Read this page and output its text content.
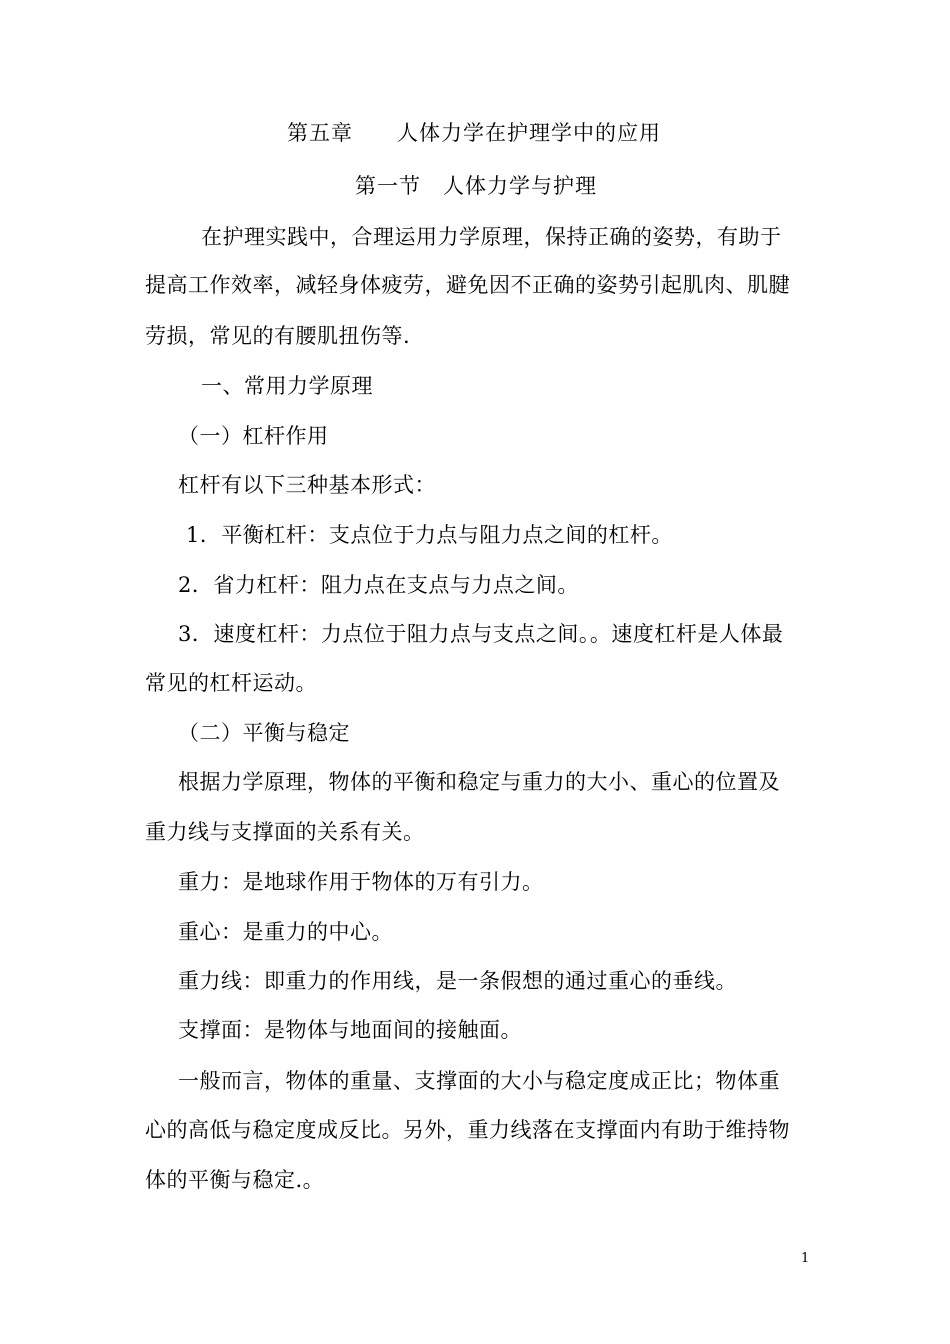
第五章　　人体力学在护理学中的应用
第一节　人体力学与护理
在护理实践中，合理运用力学原理，保持正确的姿势，有助于
提高工作效率，减轻身体疲劳，避免因不正确的姿势引起肌肉、肌腱
劳损，常见的有腰肌扭伤等.
一、常用力学原理
（一）杠杆作用
杠杆有以下三种基本形式：
1．平衡杠杆：支点位于力点与阻力点之间的杠杆。
2．省力杠杆：阻力点在支点与力点之间。
3．速度杠杆：力点位于阻力点与支点之间。。速度杠杆是人体最
常见的杠杆运动。
（二）平衡与稳定
根据力学原理，物体的平衡和稳定与重力的大小、重心的位置及
重力线与支撑面的关系有关。
重力：是地球作用于物体的万有引力。
重心：是重力的中心。
重力线：即重力的作用线，是一条假想的通过重心的垂线。
支撑面：是物体与地面间的接触面。
一般而言，物体的重量、支撑面的大小与稳定度成正比；物体重
心的高低与稳定度成反比。另外，重力线落在支撑面内有助于维持物
体的平衡与稳定.。
1
